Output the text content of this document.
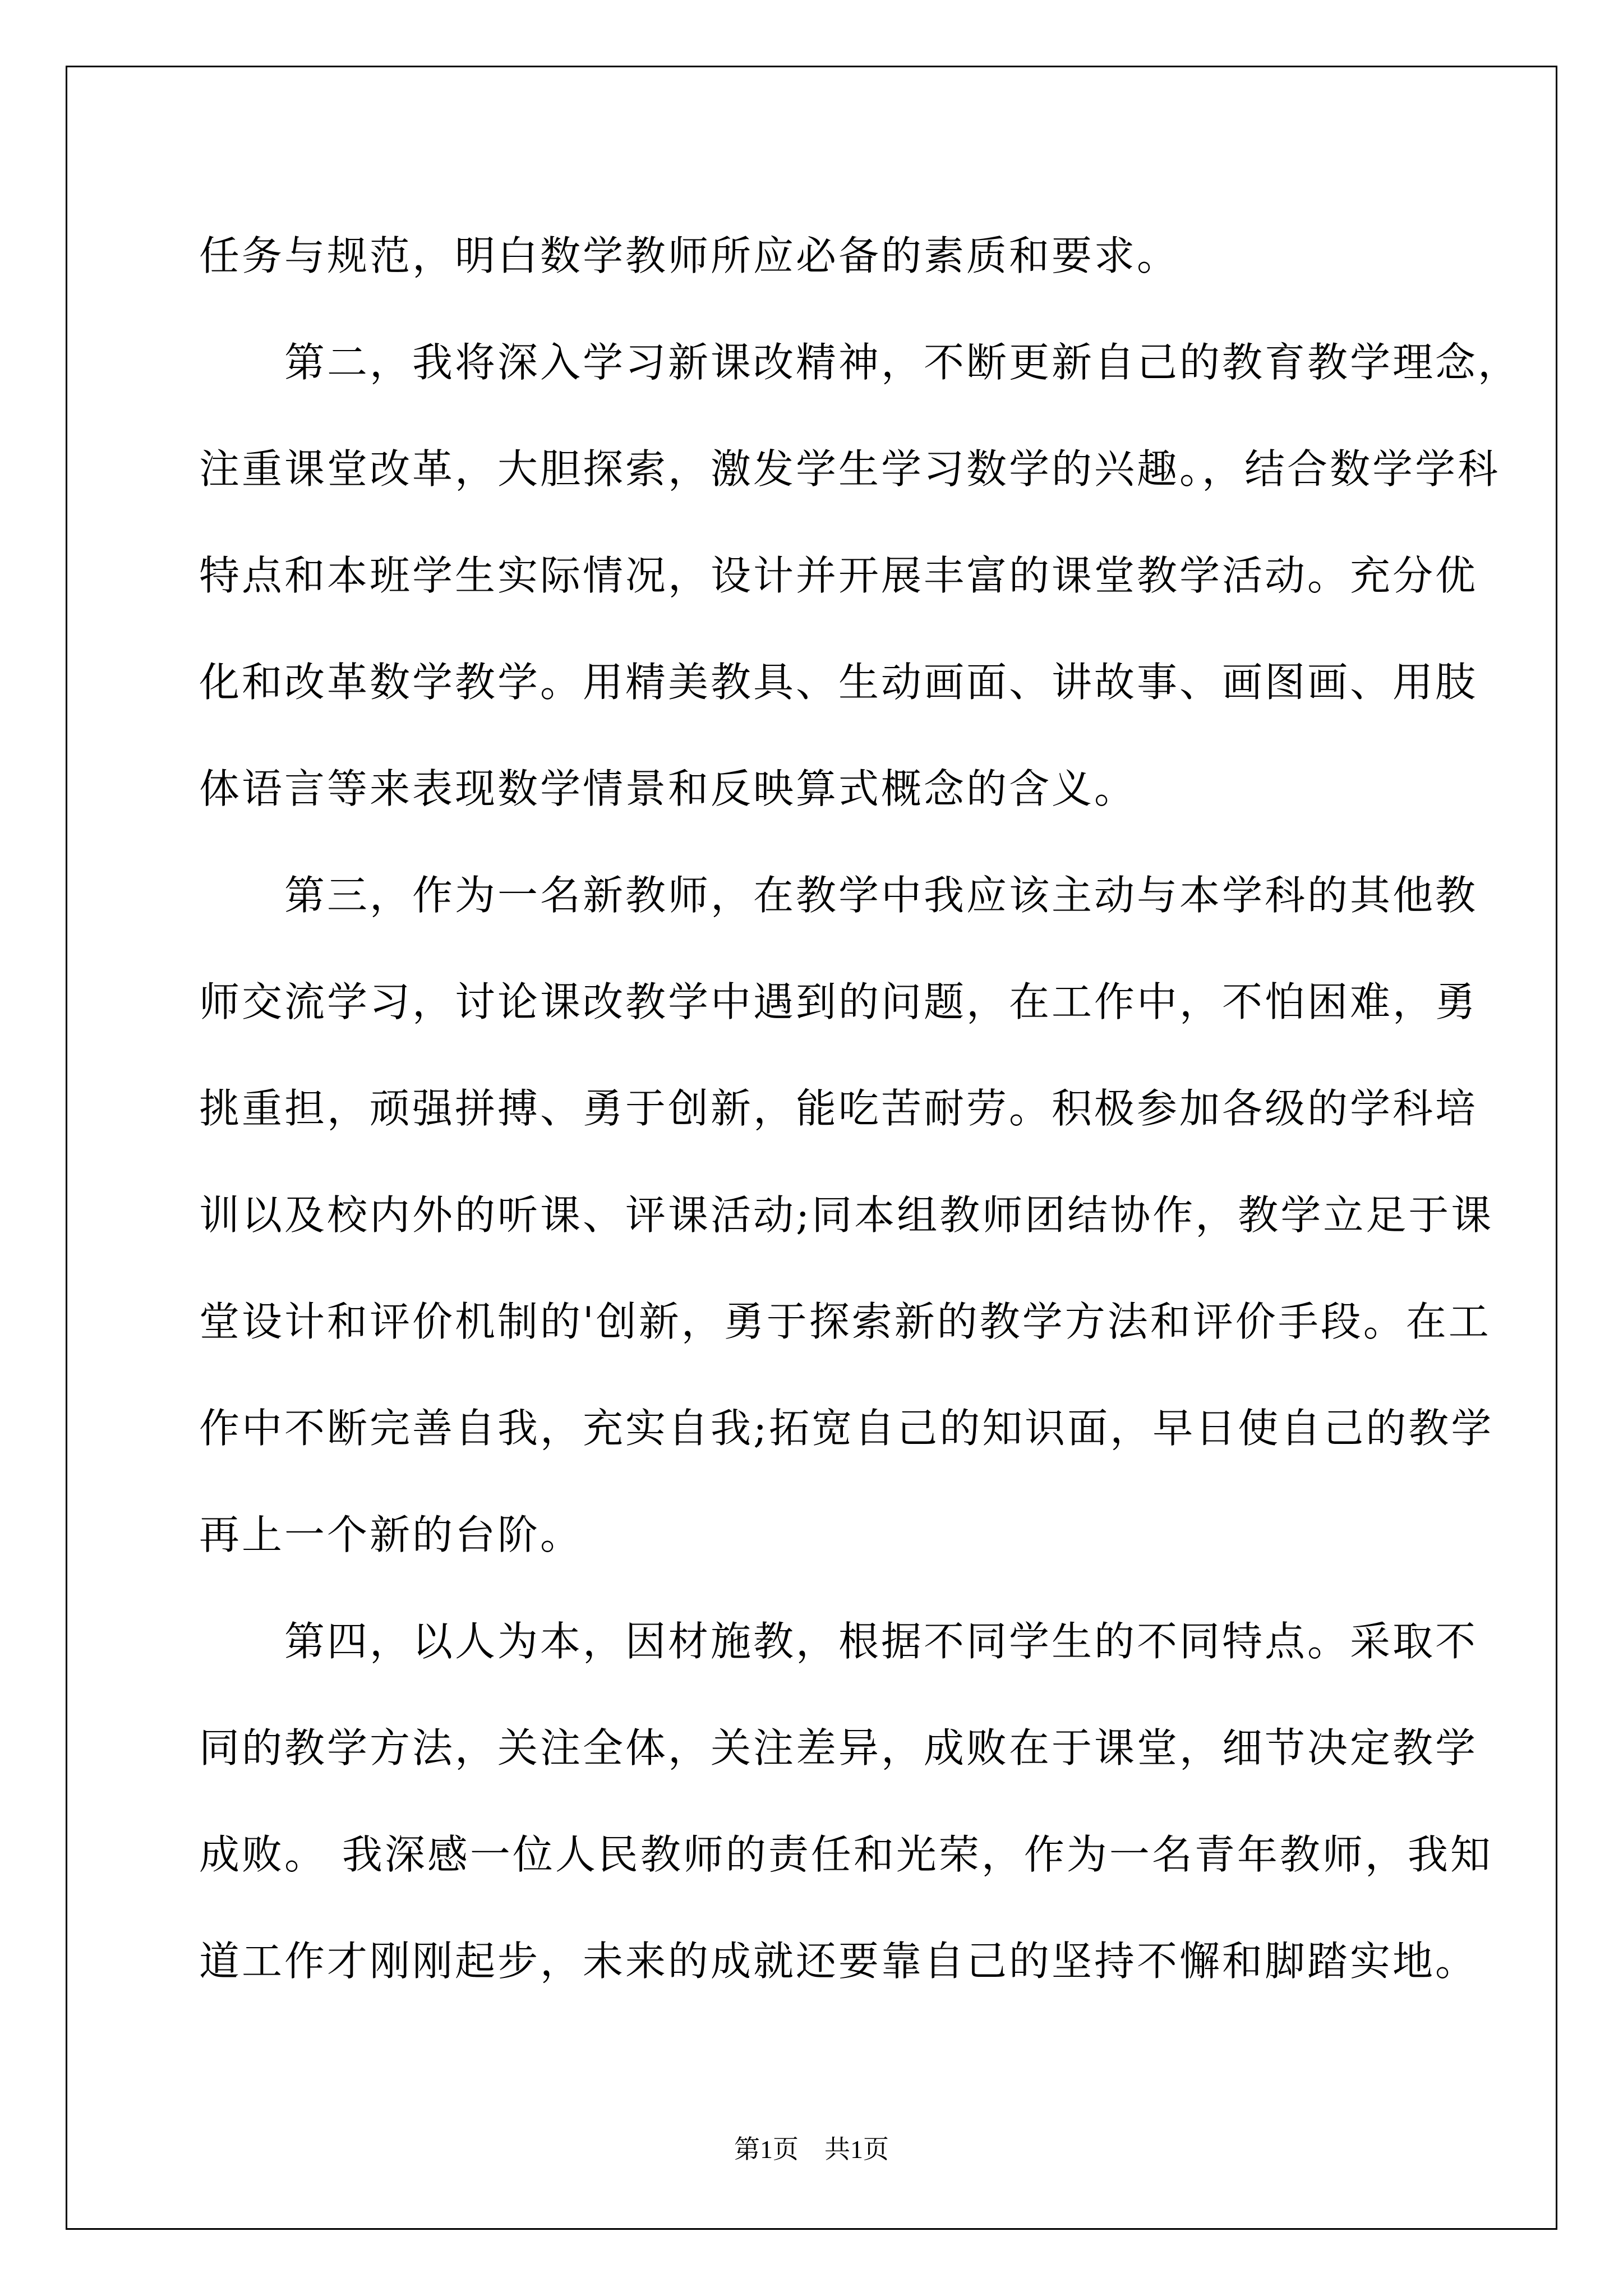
任务与规范，明白数学教师所应必备的素质和要求。
　　第二，我将深入学习新课改精神，不断更新自己的教育教学理念，
注重课堂改革，大胆探索，激发学生学习数学的兴趣。，结合数学学科
特点和本班学生实际情况，设计并开展丰富的课堂教学活动。充分优
化和改革数学教学。用精美教具、生动画面、讲故事、画图画、用肢
体语言等来表现数学情景和反映算式概念的含义。
　　第三，作为一名新教师，在教学中我应该主动与本学科的其他教
师交流学习，讨论课改教学中遇到的问题，在工作中，不怕困难，勇
挑重担，顽强拼搏、勇于创新，能吃苦耐劳。积极参加各级的学科培
训以及校内外的听课、评课活动;同本组教师团结协作，教学立足于课
堂设计和评价机制的'创新，勇于探索新的教学方法和评价手段。在工
作中不断完善自我，充实自我;拓宽自己的知识面，早日使自己的教学
再上一个新的台阶。
　　第四，以人为本，因材施教，根据不同学生的不同特点。采取不
同的教学方法，关注全体，关注差异，成败在于课堂，细节决定教学
成败。 我深感一位人民教师的责任和光荣，作为一名青年教师，我知
道工作才刚刚起步，未来的成就还要靠自己的坚持不懈和脚踏实地。
第1页　共1页
